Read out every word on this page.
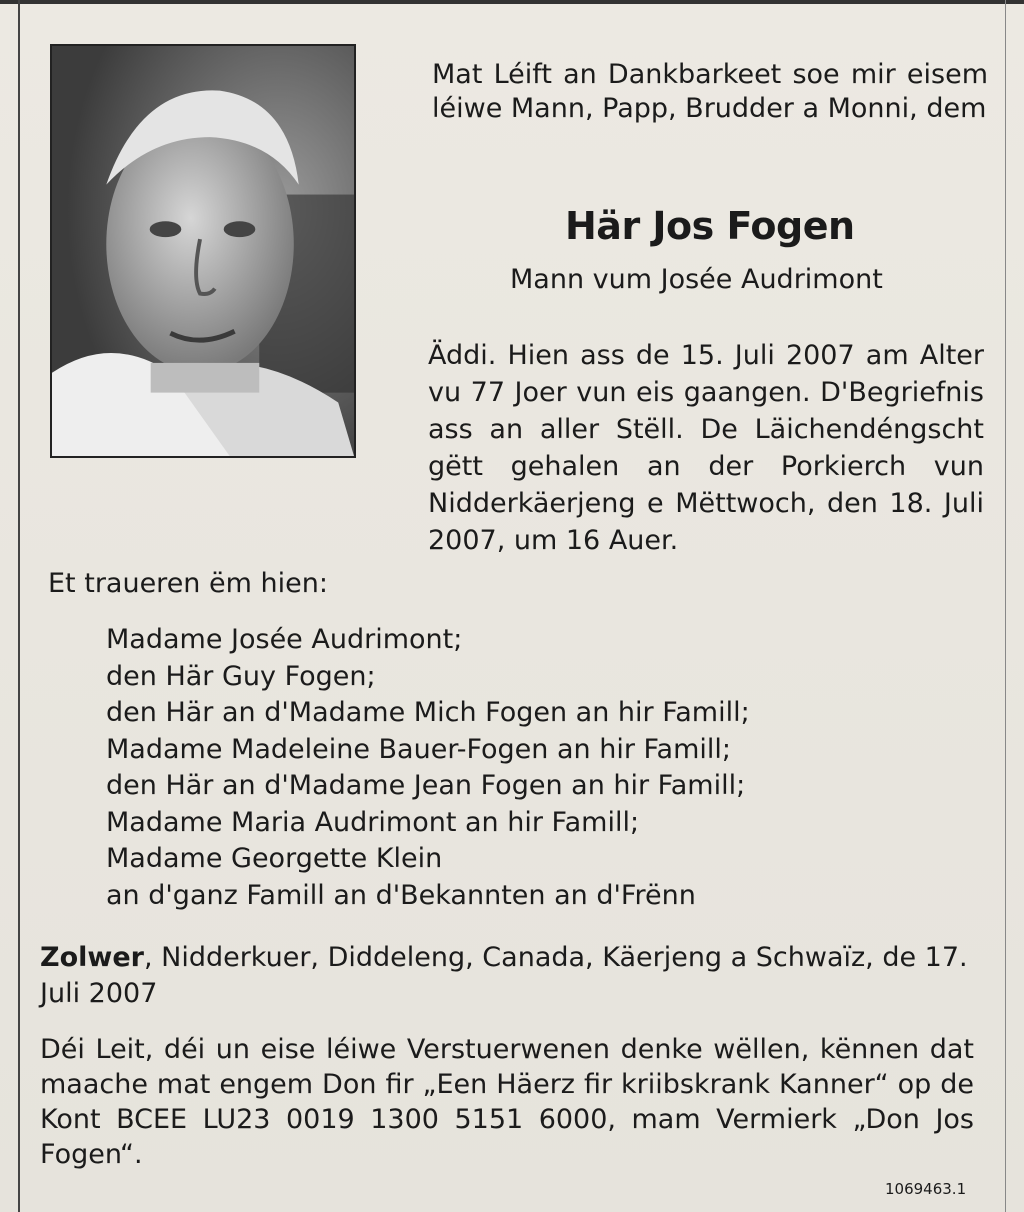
Mat Léift an Dankbarkeet soe mir eisem léiwe Mann, Papp, Brudder a Monni, dem
Här Jos Fogen
Mann vum Josée Audrimont
Äddi. Hien ass de 15. Juli 2007 am Alter vu 77 Joer vun eis gaangen. D'Begriefnis ass an aller Stëll. De Läichendéngscht gëtt gehalen an der Porkierch vun Nidderkäerjeng e Mëttwoch, den 18. Juli 2007, um 16 Auer.
Et traueren ëm hien:
Madame Josée Audrimont;
den Här Guy Fogen;
den Här an d'Madame Mich Fogen an hir Famill;
Madame Madeleine Bauer-Fogen an hir Famill;
den Här an d'Madame Jean Fogen an hir Famill;
Madame Maria Audrimont an hir Famill;
Madame Georgette Klein
an d'ganz Famill an d'Bekannten an d'Frënn
Zolwer, Nidderkuer, Diddeleng, Canada, Käerjeng a Schwaïz, de 17. Juli 2007
Déi Leit, déi un eise léiwe Verstuerwenen denke wëllen, kënnen dat maache mat engem Don fir „Een Häerz fir kriibskrank Kanner“ op de Kont BCEE LU23 0019 1300 5151 6000, mam Vermierk „Don Jos Fogen“.
1069463.1
